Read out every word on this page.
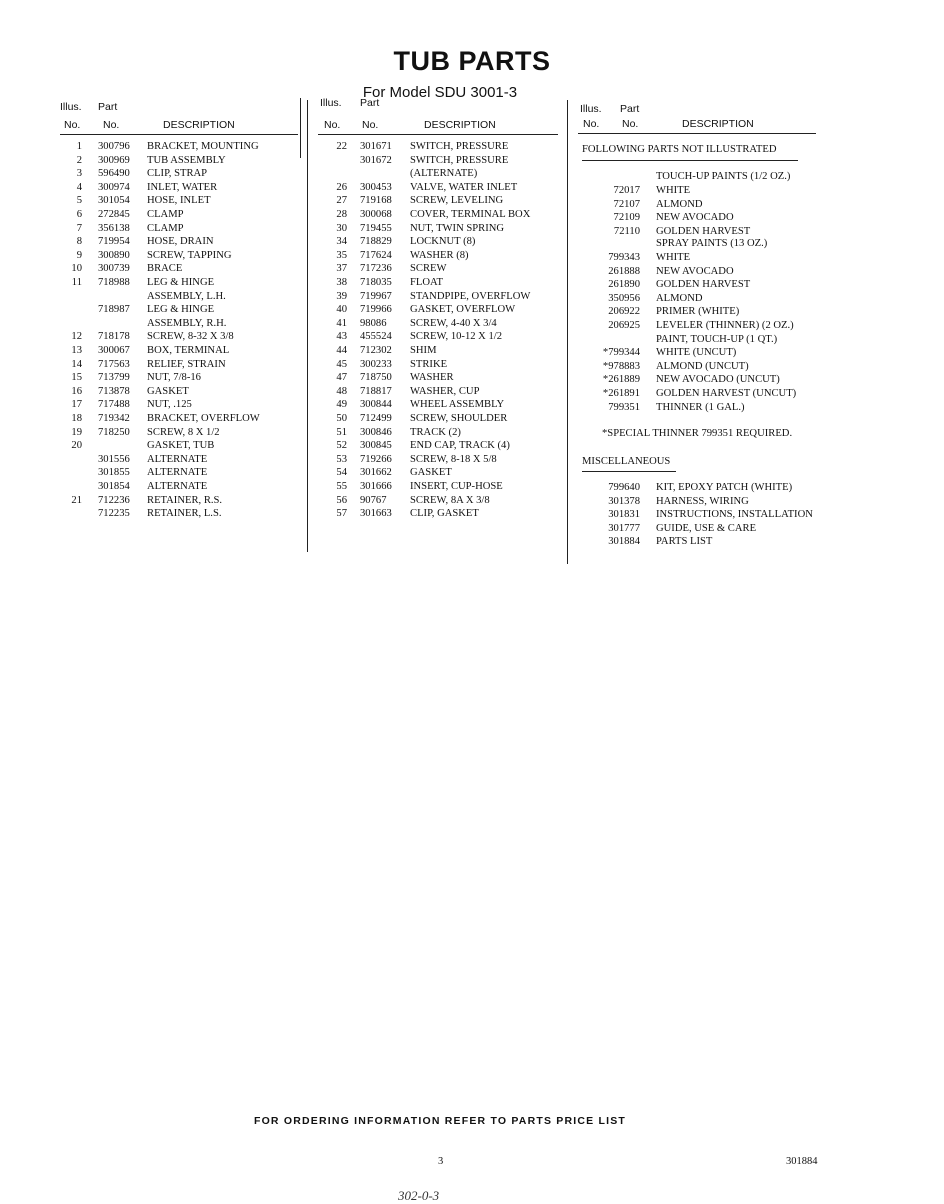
TUB PARTS
For Model SDU 3001-3
Illus. Part
No. No.	DESCRIPTION
Illus. Part
No. No.	DESCRIPTION
Illus. Part
No. No.	DESCRIPTION
1 300796 BRACKET, MOUNTING
2 300969 TUB ASSEMBLY
3 596490 CLIP, STRAP
4 300974 INLET, WATER
5 301054 HOSE, INLET
6 272845 CLAMP
7 356138 CLAMP
8 719954 HOSE, DRAIN
9 300890 SCREW, TAPPING
10 300739 BRACE
11 718988 LEG & HINGE
ASSEMBLY, L.H.
718987 LEG & HINGE
ASSEMBLY, R.H.
12 718178 SCREW, 8-32 X 3/8
13 300067 BOX, TERMINAL
14 717563 RELIEF, STRAIN
15 713799 NUT, 7/8-16
16 713878 GASKET
17 717488 NUT, .125
18 719342 BRACKET, OVERFLOW
19 718250 SCREW, 8 X 1/2
20	GASKET, TUB
301556 ALTERNATE
301855 ALTERNATE
301854 ALTERNATE
21 712236 RETAINER, R.S.
712235 RETAINER, L.S.
22 301671 SWITCH, PRESSURE
301672 SWITCH, PRESSURE
(ALTERNATE)
26 300453 VALVE, WATER INLET
27 719168 SCREW, LEVELING
28 300068 COVER, TERMINAL BOX
30 719455 NUT, TWIN SPRING
34 718829 LOCKNUT (8)
35 717624 WASHER (8)
37 717236 SCREW
38 718035 FLOAT
39 719967 STANDPIPE, OVERFLOW
40 719966 GASKET, OVERFLOW
41 98086 SCREW, 4-40 X 3/4
43 455524 SCREW, 10-12 X 1/2
44 712302 SHIM
45 300233 STRIKE
47 718750 WASHER
48 718817 WASHER, CUP
49 300844 WHEEL ASSEMBLY
50 712499 SCREW, SHOULDER
51 300846 TRACK (2)
52 300845 END CAP, TRACK (4)
53 719266 SCREW, 8-18 X 5/8
54 301662 GASKET
55 301666 INSERT, CUP-HOSE
56 90767 SCREW, 8A X 3/8
57 301663 CLIP, GASKET
FOLLOWING PARTS NOT ILLUSTRATED
TOUCH-UP PAINTS (1/2 OZ.)
72017 WHITE
72107 ALMOND
72109 NEW AVOCADO
72110 GOLDEN HARVEST
SPRAY PAINTS (13 OZ.)
799343 WHITE
261888 NEW AVOCADO
261890 GOLDEN HARVEST
350956 ALMOND
206922 PRIMER (WHITE)
206925 LEVELER (THINNER) (2 OZ.)
PAINT, TOUCH-UP (1 QT.)
*799344 WHITE (UNCUT)
*978883 ALMOND (UNCUT)
*261889 NEW AVOCADO (UNCUT)
*261891 GOLDEN HARVEST (UNCUT)
799351 THINNER (1 GAL.)
*SPECIAL THINNER 799351 REQUIRED.
MISCELLANEOUS
799640 KIT, EPOXY PATCH (WHITE)
301378 HARNESS, WIRING
301831 INSTRUCTIONS, INSTALLATION
301777 GUIDE, USE & CARE
301884 PARTS LIST
FOR ORDERING INFORMATION REFER TO PARTS PRICE LIST
3	301884
302-0-3
